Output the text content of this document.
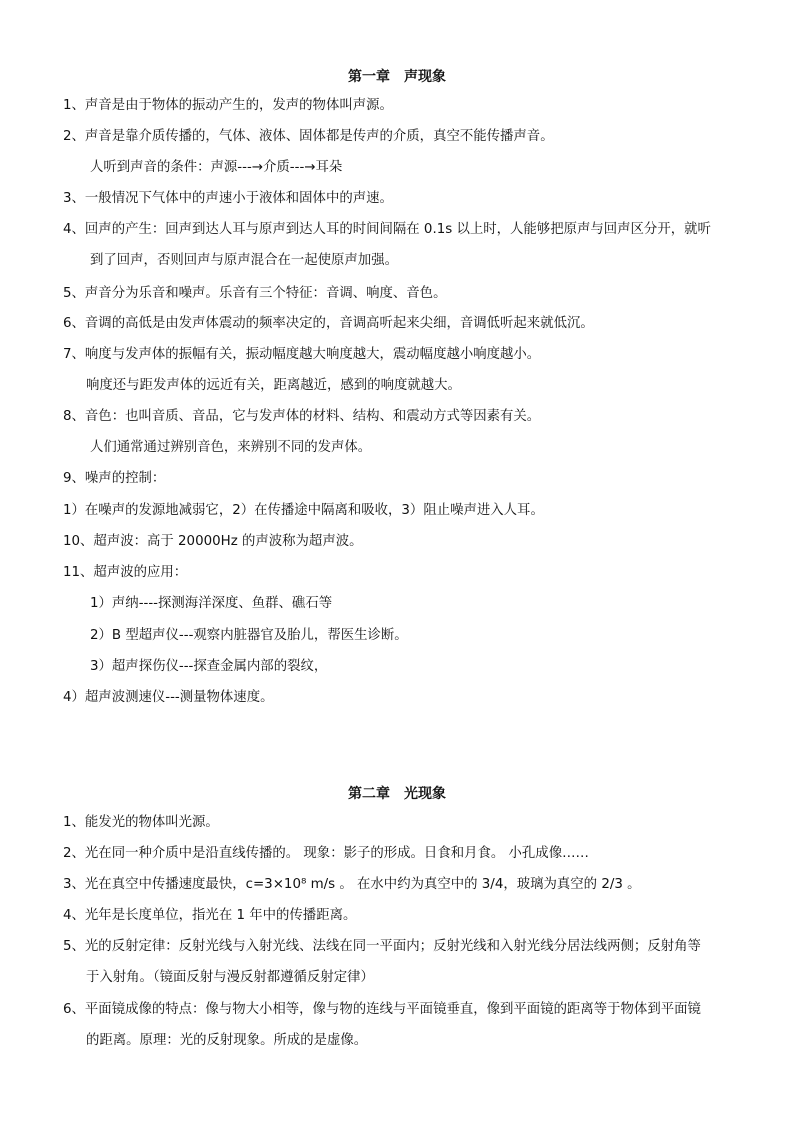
第一章　声现象
1、声音是由于物体的振动产生的，发声的物体叫声源。
2、声音是靠介质传播的，气体、液体、固体都是传声的介质，真空不能传播声音。
人听到声音的条件：声源---→介质---→耳朵
3、一般情况下气体中的声速小于液体和固体中的声速。
4、回声的产生：回声到达人耳与原声到达人耳的时间间隔在 0.1s 以上时，人能够把原声与回声区分开，就听
到了回声，否则回声与原声混合在一起使原声加强。
5、声音分为乐音和噪声。乐音有三个特征：音调、响度、音色。
6、音调的高低是由发声体震动的频率决定的，音调高听起来尖细，音调低听起来就低沉。
7、响度与发声体的振幅有关，振动幅度越大响度越大，震动幅度越小响度越小。
响度还与距发声体的远近有关，距离越近，感到的响度就越大。
8、音色：也叫音质、音品，它与发声体的材料、结构、和震动方式等因素有关。
人们通常通过辨别音色，来辨别不同的发声体。
9、噪声的控制：
1）在噪声的发源地减弱它，2）在传播途中隔离和吸收，3）阻止噪声进入人耳。
10、超声波：高于 20000Hz 的声波称为超声波。
11、超声波的应用：
1）声纳----探测海洋深度、鱼群、礁石等
2）B 型超声仪---观察内脏器官及胎儿，帮医生诊断。
3）超声探伤仪---探查金属内部的裂纹，
4）超声波测速仪---测量物体速度。
第二章　光现象
1、能发光的物体叫光源。
2、光在同一种介质中是沿直线传播的。 现象：影子的形成。日食和月食。 小孔成像……
3、光在真空中传播速度最快，c=3×10⁸ m/s 。 在水中约为真空中的 3/4，玻璃为真空的 2/3 。
4、光年是长度单位，指光在 1 年中的传播距离。
5、光的反射定律：反射光线与入射光线、法线在同一平面内；反射光线和入射光线分居法线两侧；反射角等
于入射角。（镜面反射与漫反射都遵循反射定律）
6、平面镜成像的特点：像与物大小相等，像与物的连线与平面镜垂直，像到平面镜的距离等于物体到平面镜
的距离。原理：光的反射现象。所成的是虚像。
